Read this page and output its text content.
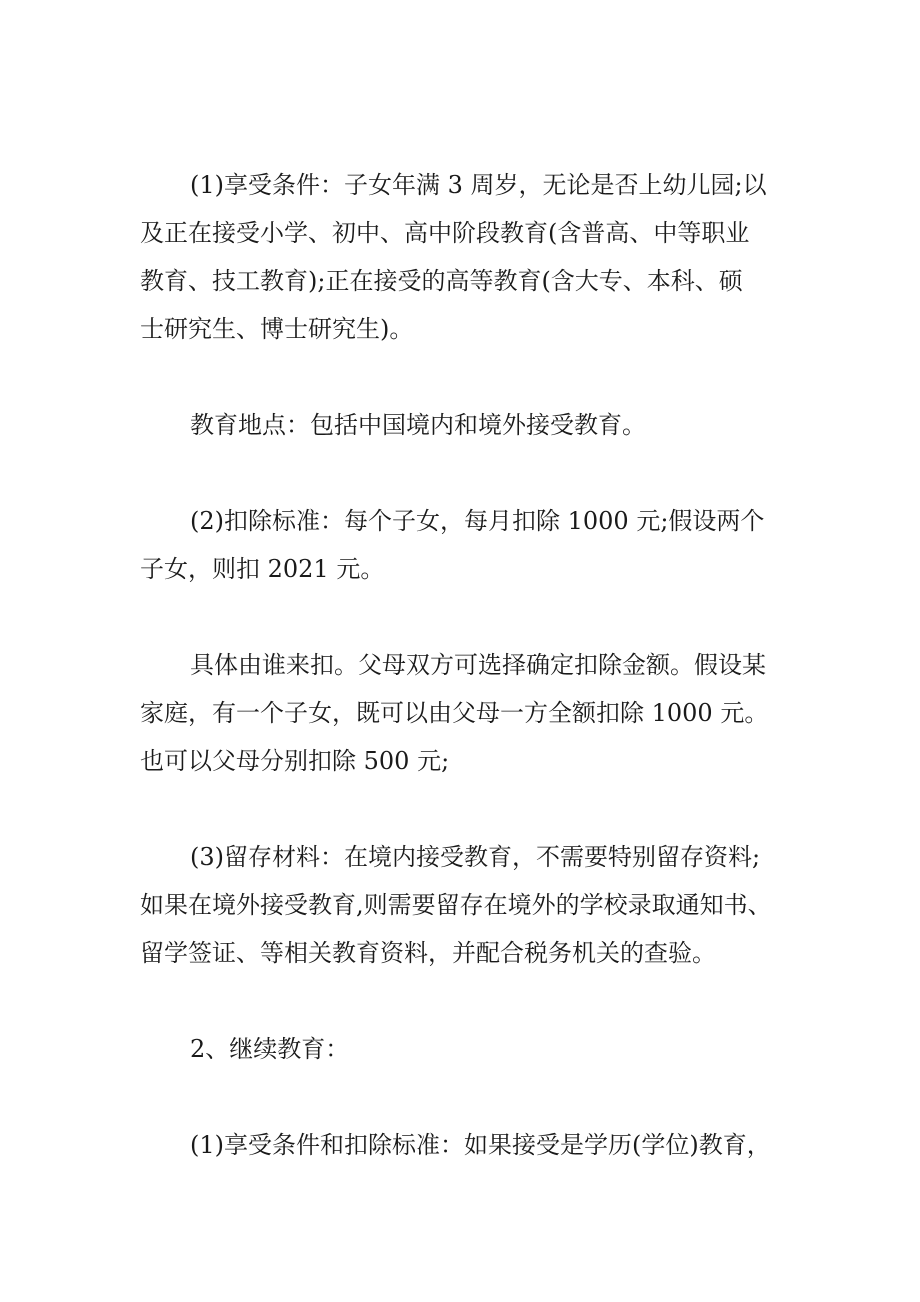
(1)享受条件：子女年满 3 周岁，无论是否上幼儿园;以
及正在接受小学、初中、高中阶段教育(含普高、中等职业
教育、技工教育);正在接受的高等教育(含大专、本科、硕
士研究生、博士研究生)。
教育地点：包括中国境内和境外接受教育。
(2)扣除标准：每个子女，每月扣除 1000 元;假设两个
子女，则扣 2021 元。
具体由谁来扣。父母双方可选择确定扣除金额。假设某
家庭，有一个子女，既可以由父母一方全额扣除 1000 元。
也可以父母分别扣除 500 元;
(3)留存材料：在境内接受教育，不需要特别留存资料;
如果在境外接受教育,则需要留存在境外的学校录取通知书、
留学签证、等相关教育资料，并配合税务机关的查验。
2、继续教育：
(1)享受条件和扣除标准：如果接受是学历(学位)教育，
